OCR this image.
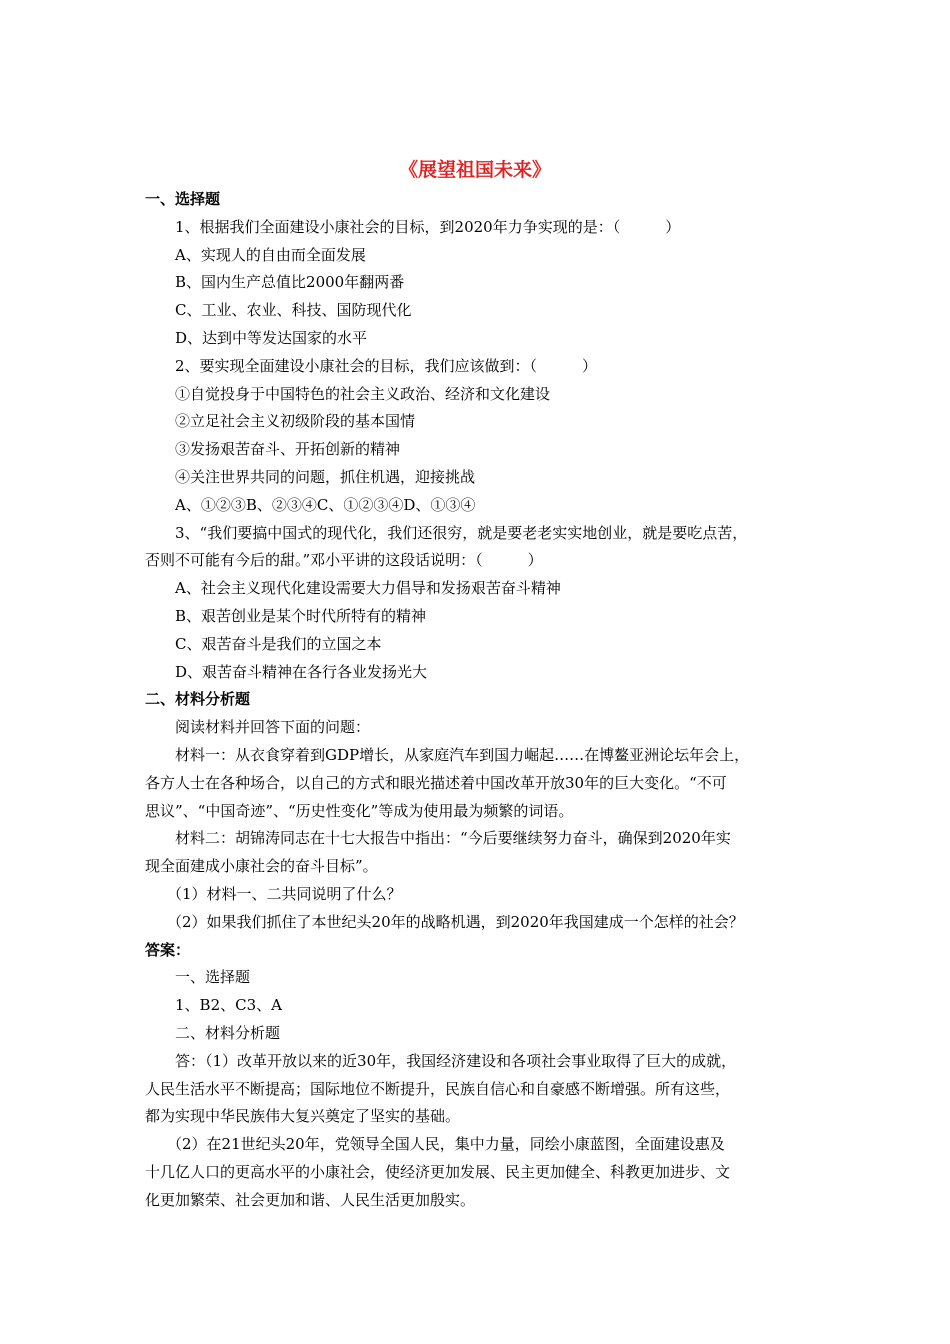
《展望祖国未来》
一、选择题
1、根据我们全面建设小康社会的目标，到2020年力争实现的是：（　　　）
A、实现人的自由而全面发展
B、国内生产总值比2000年翻两番
C、工业、农业、科技、国防现代化
D、达到中等发达国家的水平
2、要实现全面建设小康社会的目标，我们应该做到：（　　　）
①自觉投身于中国特色的社会主义政治、经济和文化建设
②立足社会主义初级阶段的基本国情
③发扬艰苦奋斗、开拓创新的精神
④关注世界共同的问题，抓住机遇，迎接挑战
A、①②③B、②③④C、①②③④D、①③④
3、“我们要搞中国式的现代化，我们还很穷，就是要老老实实地创业，就是要吃点苦，
否则不可能有今后的甜。”邓小平讲的这段话说明：（　　　）
A、社会主义现代化建设需要大力倡导和发扬艰苦奋斗精神
B、艰苦创业是某个时代所特有的精神
C、艰苦奋斗是我们的立国之本
D、艰苦奋斗精神在各行各业发扬光大
二、材料分析题
阅读材料并回答下面的问题：
材料一：从衣食穿着到GDP增长，从家庭汽车到国力崛起……在博鳌亚洲论坛年会上，
各方人士在各种场合，以自己的方式和眼光描述着中国改革开放30年的巨大变化。“不可
思议”、“中国奇迹”、“历史性变化”等成为使用最为频繁的词语。
材料二：胡锦涛同志在十七大报告中指出：“今后要继续努力奋斗，确保到2020年实
现全面建成小康社会的奋斗目标”。
（1）材料一、二共同说明了什么？
（2）如果我们抓住了本世纪头20年的战略机遇，到2020年我国建成一个怎样的社会？
答案：
一、选择题
1、B2、C3、A
二、材料分析题
答：（1）改革开放以来的近30年，我国经济建设和各项社会事业取得了巨大的成就，
人民生活水平不断提高；国际地位不断提升，民族自信心和自豪感不断增强。所有这些，
都为实现中华民族伟大复兴奠定了坚实的基础。
（2）在21世纪头20年，党领导全国人民，集中力量，同绘小康蓝图，全面建设惠及
十几亿人口的更高水平的小康社会，使经济更加发展、民主更加健全、科教更加进步、文
化更加繁荣、社会更加和谐、人民生活更加殷实。
